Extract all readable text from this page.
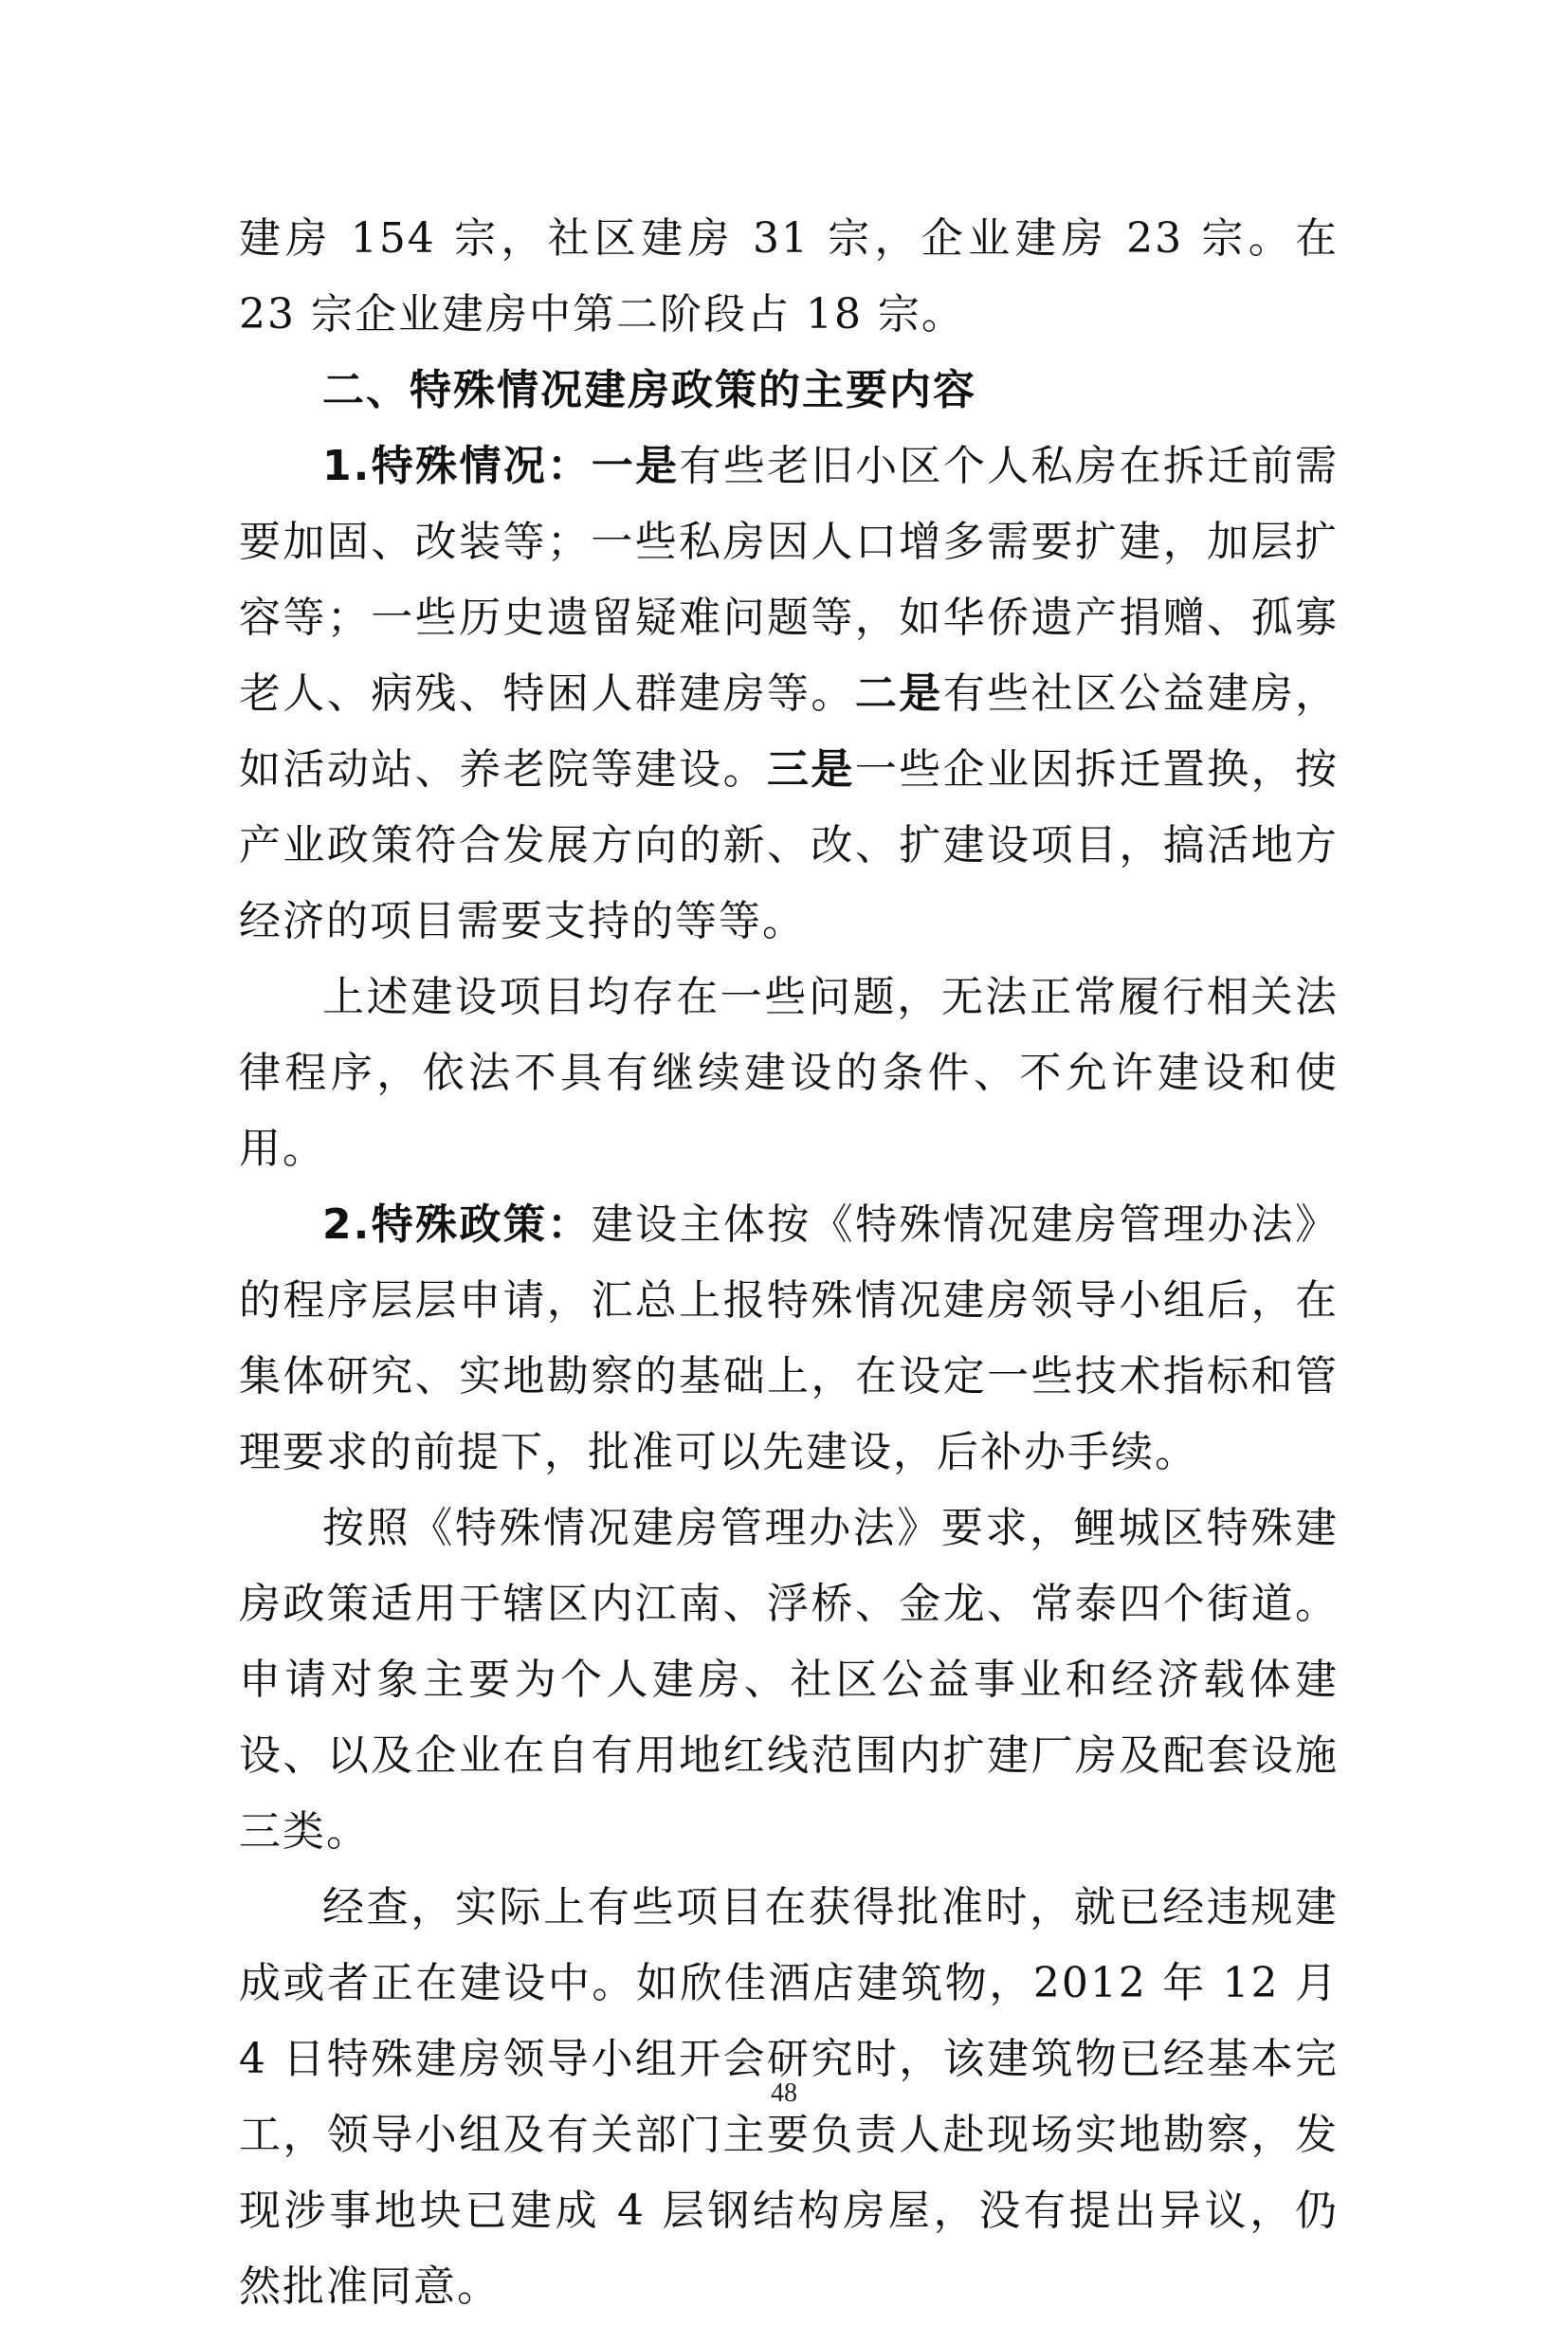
建房 154 宗，社区建房 31 宗，企业建房 23 宗。在 23 宗企业建房中第二阶段占 18 宗。

二、特殊情况建房政策的主要内容

1.特殊情况：一是有些老旧小区个人私房在拆迁前需要加固、改装等；一些私房因人口增多需要扩建，加层扩容等；一些历史遗留疑难问题等，如华侨遗产捐赠、孤寡老人、病残、特困人群建房等。二是有些社区公益建房，如活动站、养老院等建设。三是一些企业因拆迁置换，按产业政策符合发展方向的新、改、扩建设项目，搞活地方经济的项目需要支持的等等。

上述建设项目均存在一些问题，无法正常履行相关法律程序，依法不具有继续建设的条件、不允许建设和使用。

2.特殊政策：建设主体按《特殊情况建房管理办法》的程序层层申请，汇总上报特殊情况建房领导小组后，在集体研究、实地勘察的基础上，在设定一些技术指标和管理要求的前提下，批准可以先建设，后补办手续。

按照《特殊情况建房管理办法》要求，鲤城区特殊建房政策适用于辖区内江南、浮桥、金龙、常泰四个街道。申请对象主要为个人建房、社区公益事业和经济载体建设、以及企业在自有用地红线范围内扩建厂房及配套设施三类。

经查，实际上有些项目在获得批准时，就已经违规建成或者正在建设中。如欣佳酒店建筑物，2012 年 12 月 4 日特殊建房领导小组开会研究时，该建筑物已经基本完工，领导小组及有关部门主要负责人赴现场实地勘察，发现涉事地块已建成 4 层钢结构房屋，没有提出异议，仍然批准同意。

48
